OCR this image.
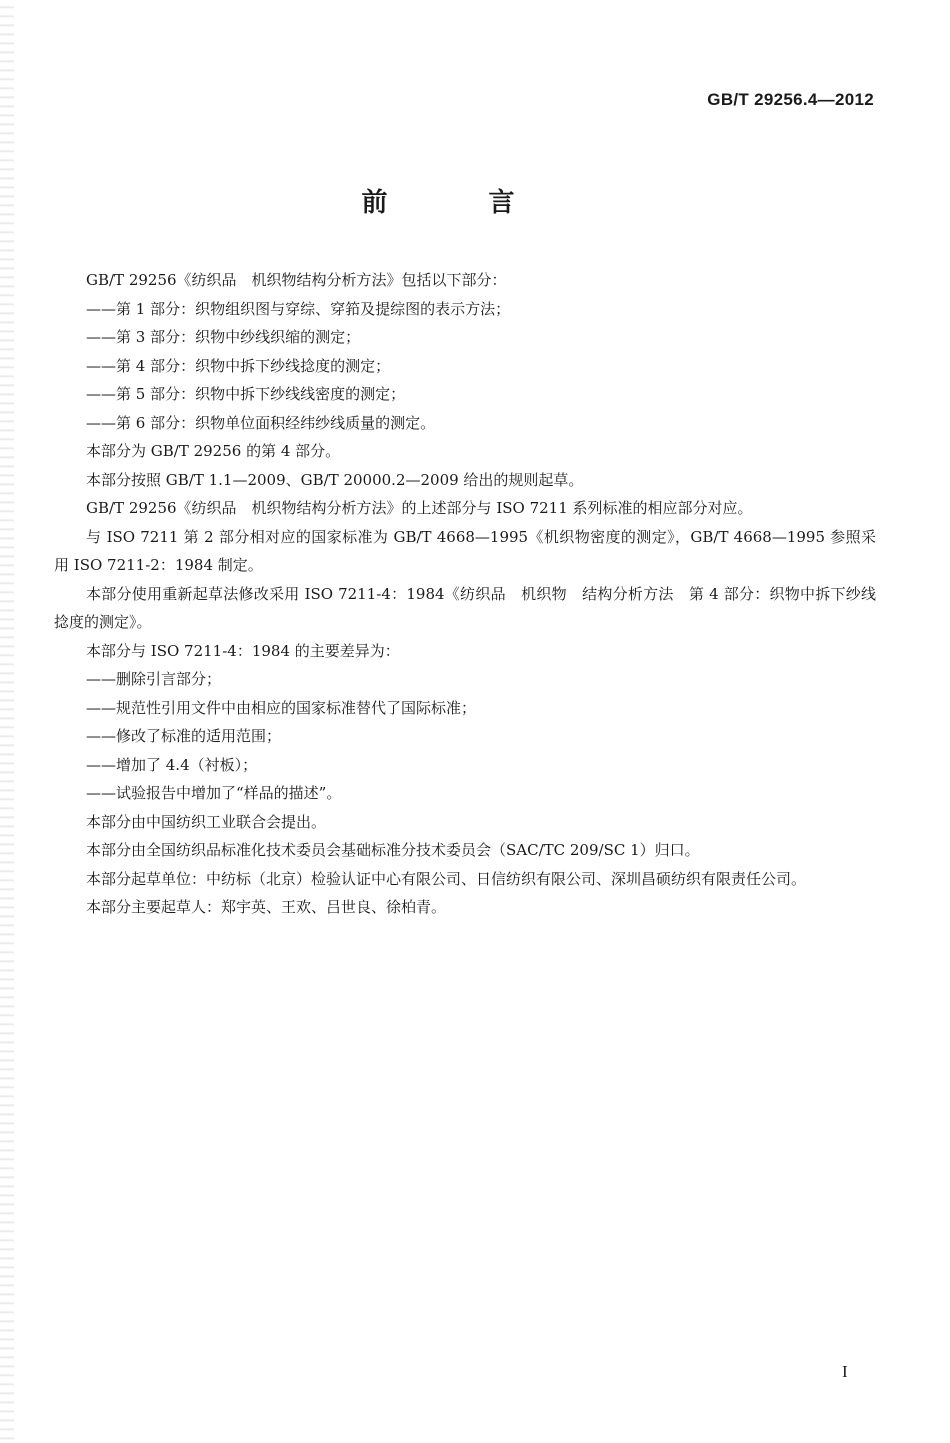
GB/T 29256.4—2012
前 言

GB/T 29256《纺织品　机织物结构分析方法》包括以下部分：

——第 1 部分：织物组织图与穿综、穿筘及提综图的表示方法；

——第 3 部分：织物中纱线织缩的测定；

——第 4 部分：织物中拆下纱线捻度的测定；

——第 5 部分：织物中拆下纱线线密度的测定；

——第 6 部分：织物单位面积经纬纱线质量的测定。

本部分为 GB/T 29256 的第 4 部分。

本部分按照 GB/T 1.1—2009、GB/T 20000.2—2009 给出的规则起草。

GB/T 29256《纺织品　机织物结构分析方法》的上述部分与 ISO 7211 系列标准的相应部分对应。

与 ISO 7211 第 2 部分相对应的国家标准为 GB/T 4668—1995《机织物密度的测定》，GB/T 4668—1995 参照采用 ISO 7211-2：1984 制定。

本部分使用重新起草法修改采用 ISO 7211-4：1984《纺织品　机织物　结构分析方法　第 4 部分：织物中拆下纱线捻度的测定》。

本部分与 ISO 7211-4：1984 的主要差异为：

——删除引言部分；

——规范性引用文件中由相应的国家标准替代了国际标准；

——修改了标准的适用范围；

——增加了 4.4（衬板）；

——试验报告中增加了“样品的描述”。

本部分由中国纺织工业联合会提出。

本部分由全国纺织品标准化技术委员会基础标准分技术委员会（SAC/TC 209/SC 1）归口。

本部分起草单位：中纺标（北京）检验认证中心有限公司、日信纺织有限公司、深圳昌硕纺织有限责任公司。

本部分主要起草人：郑宇英、王欢、吕世良、徐柏青。

I
